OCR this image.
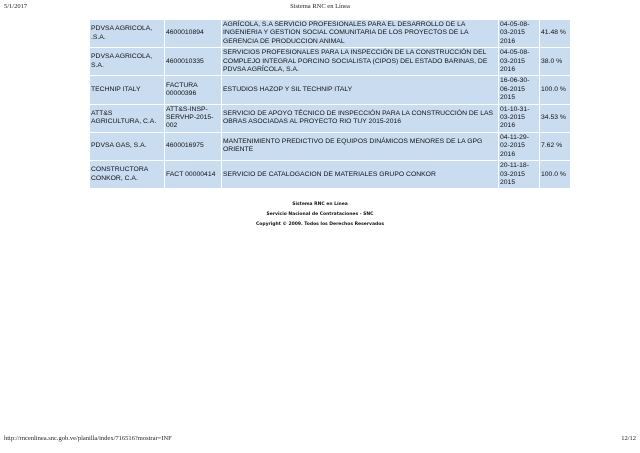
5/1/2017	Sistema RNC en Línea
PDVSA AGRICOLA, .S.A.	4600010894	AGRÍCOLA, S.A SERVICIO PROFESIONALES PARA EL DESARROLLO DE LA INGENIERIA Y GESTION SOCIAL COMUNITARIA DE LOS PROYECTOS DE LA GERENCIA DE PRODUCCION ANIMAL	04-05-08-03-2015 2016	41.48 %
PDVSA AGRICOLA, S.A.	4600010335	SERVICIOS PROFESIONALES PARA LA INSPECCIÓN DE LA CONSTRUCCIÓN DEL COMPLEJO INTEGRAL PORCINO SOCIALISTA (CIPOS) DEL ESTADO BARINAS, DE PDVSA AGRÍCOLA, S.A.	04-05-08-03-2015 2016	38.0 %
TECHNIP ITALY	FACTURA 00000396	ESTUDIOS HAZOP Y SIL TECHNIP ITALY	16-06-30-06-2015 2015	100.0 %
ATT&S AGRICULTURA, C.A.	ATT&S-INSP-SERVHP-2015-002	SERVICIO DE APOYO TÉCNICO DE INSPECCIÓN PARA LA CONSTRUCCIÓN DE LAS OBRAS ASOCIADAS AL PROYECTO RIO TUY 2015-2016	01-10-31-03-2015 2016	34.53 %
PDVSA GAS, S.A.	4600016975	MANTENIMIENTO PREDICTIVO DE EQUIPOS DINÁMICOS MENORES DE LA GPG ORIENTE	04-11-29-02-2015 2016	7.62 %
CONSTRUCTORA CONKOR, C.A.	FACT 00000414	SERVICIO DE CATALOGACION DE MATERIALES GRUPO CONKOR	20-11-18-03-2015 2015	100.0 %
Sistema RNC en Línea
Servicio Nacional de Contrataciones - SNC
Copyright © 2009. Todos los Derechos Reservados
http://rncenlinea.snc.gob.ve/planilla/index/716516?mostrar=INF	12/12
